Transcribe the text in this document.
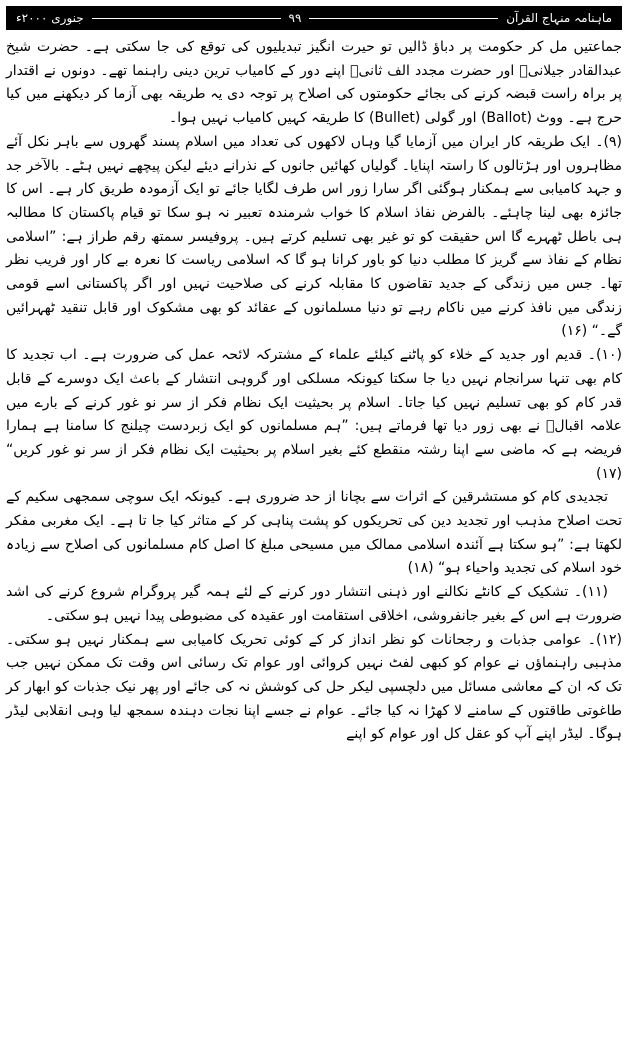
ماہنامہ منہاج القرآن
۹۹
جنوری ۲۰۰۰ء

جماعتیں مل کر حکومت پر دباؤ ڈالیں تو حیرت انگیز تبدیلیوں کی توقع کی جا سکتی ہے۔ حضرت شیخ عبدالقادر جیلانیؒ اور حضرت مجدد الف ثانیؒ اپنے دور کے کامیاب ترین دینی راہنما تھے۔ دونوں نے اقتدار پر براہ راست قبضہ کرنے کی بجائے حکومتوں کی اصلاح پر توجہ دی یہ طریقہ بھی آزما کر دیکھنے میں کیا حرج ہے۔ ووٹ (Ballot) اور گولی (Bullet) کا طریقہ کہیں کامیاب نہیں ہوا۔

(۹)۔ ایک طریقہ کار ایران میں آزمایا گیا وہاں لاکھوں کی تعداد میں اسلام پسند گھروں سے باہر نکل آئے مظاہروں اور ہڑتالوں کا راستہ اپنایا۔ گولیاں کھائیں جانوں کے نذرانے دیئے لیکن پیچھے نہیں ہٹے۔ بالآخر جد و جہد کامیابی سے ہمکنار ہوگئی اگر سارا زور اس طرف لگایا جائے تو ایک آزمودہ طریق کار ہے۔ اس کا جائزہ بھی لینا چاہئے۔ بالفرض نفاذ اسلام کا خواب شرمندہ تعبیر نہ ہو سکا تو قیام پاکستان کا مطالبہ ہی باطل ٹھہرے گا اس حقیقت کو تو غیر بھی تسلیم کرتے ہیں۔ پروفیسر سمتھ رقم طراز ہے: ”اسلامی نظام کے نفاذ سے گریز کا مطلب دنیا کو باور کرانا ہو گا کہ اسلامی ریاست کا نعرہ بے کار اور فریب نظر تھا۔ جس میں زندگی کے جدید تقاضوں کا مقابلہ کرنے کی صلاحیت نہیں اور اگر پاکستانی اسے قومی زندگی میں نافذ کرنے میں ناکام رہے تو دنیا مسلمانوں کے عقائد کو بھی مشکوک اور قابل تنقید ٹھہرائیں گے۔“ (۱۶)

(۱۰)۔ قدیم اور جدید کے خلاء کو پاٹنے کیلئے علماء کے مشترکہ لائحہ عمل کی ضرورت ہے۔ اب تجدید کا کام بھی تنہا سرانجام نہیں دیا جا سکتا کیونکہ مسلکی اور گروہی انتشار کے باعث ایک دوسرے کے قابل قدر کام کو بھی تسلیم نہیں کیا جاتا۔ اسلام پر بحیثیت ایک نظام فکر از سر نو غور کرنے کے بارے میں علامہ اقبالؒ نے بھی زور دیا تھا فرماتے ہیں: ”ہم مسلمانوں کو ایک زبردست چیلنج کا سامنا ہے ہمارا فریضہ ہے کہ ماضی سے اپنا رشتہ منقطع کئے بغیر اسلام پر بحیثیت ایک نظام فکر از سر نو غور کریں“ (۱۷)

تجدیدی کام کو مستشرقین کے اثرات سے بچانا از حد ضروری ہے۔ کیونکہ ایک سوچی سمجھی سکیم کے تحت اصلاح مذہب اور تجدید دین کی تحریکوں کو پشت پناہی کر کے متاثر کیا جا تا ہے۔ ایک مغربی مفکر لکھتا ہے: ”ہو سکتا ہے آئندہ اسلامی ممالک میں مسیحی مبلغ کا اصل کام مسلمانوں کی اصلاح سے زیادہ خود اسلام کی تجدید واحیاء ہو“ (۱۸)

(۱۱)۔ تشکیک کے کانٹے نکالنے اور ذہنی انتشار دور کرنے کے لئے ہمہ گیر پروگرام شروع کرنے کی اشد ضرورت ہے اس کے بغیر جانفروشی، اخلاقی استقامت اور عقیدہ کی مضبوطی پیدا نہیں ہو سکتی۔

(۱۲)۔ عوامی جذبات و رجحانات کو نظر انداز کر کے کوئی تحریک کامیابی سے ہمکنار نہیں ہو سکتی۔ مذہبی راہنماؤں نے عوام کو کبھی لفٹ نہیں کروائی اور عوام تک رسائی اس وقت تک ممکن نہیں جب تک کہ ان کے معاشی مسائل میں دلچسپی لیکر حل کی کوشش نہ کی جائے اور پھر نیک جذبات کو ابھار کر طاغوتی طاقتوں کے سامنے لا کھڑا نہ کیا جائے۔ عوام نے جسے اپنا نجات دہندہ سمجھ لیا وہی انقلابی لیڈر ہوگا۔ لیڈر اپنے آپ کو عقل کل اور عوام کو اپنے
